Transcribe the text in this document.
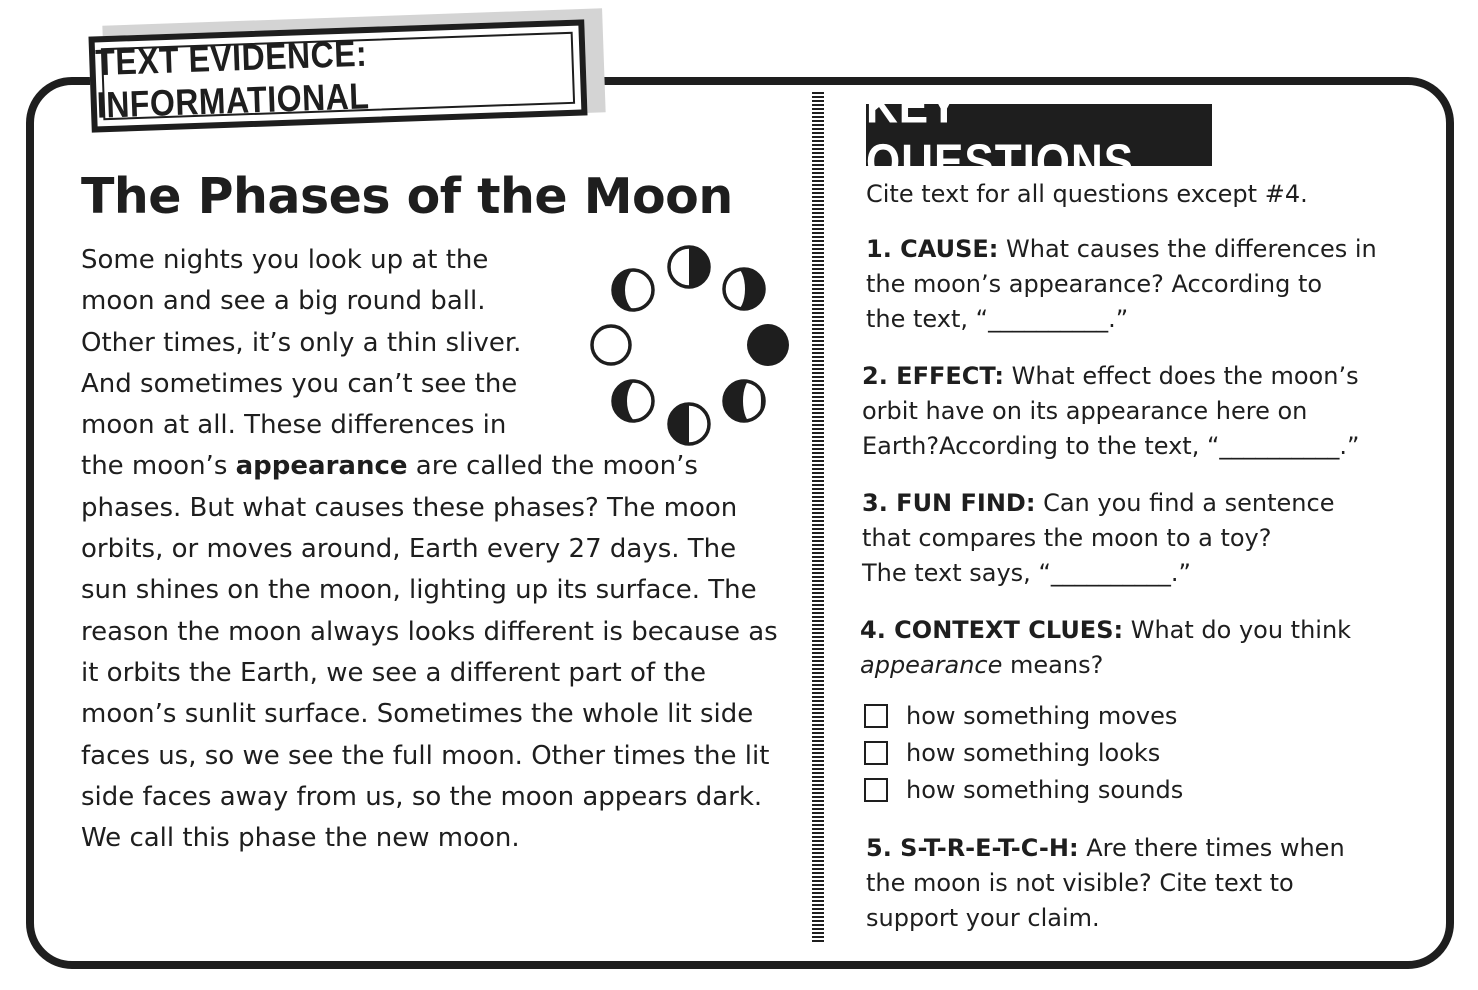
TEXT EVIDENCE: INFORMATIONAL
The Phases of the Moon

Some nights you look up at the moon and see a big round ball. Other times, it’s only a thin sliver. And sometimes you can’t see the moon at all. These differences in the moon’s appearance are called the moon’s phases. But what causes these phases? The moon orbits, or moves around, Earth every 27 days. The sun shines on the moon, lighting up its surface. The reason the moon always looks different is because as it orbits the Earth, we see a different part of the moon’s sunlit surface. Sometimes the whole lit side faces us, so we see the full moon. Other times the lit side faces away from us, so the moon appears dark. We call this phase the new moon.

KEY QUESTIONS

Cite text for all questions except #4.

1. CAUSE: What causes the differences in
the moon’s appearance? According to
the text, “__________.”

2. EFFECT: What effect does the moon’s
orbit have on its appearance here on
Earth?According to the text, “__________.”

3. FUN FIND: Can you find a sentence
that compares the moon to a toy?
The text says, “__________.”

4. CONTEXT CLUES: What do you think
appearance means?

how something moves
how something looks
how something sounds

5. S-T-R-E-T-C-H: Are there times when
the moon is not visible? Cite text to
support your claim.
